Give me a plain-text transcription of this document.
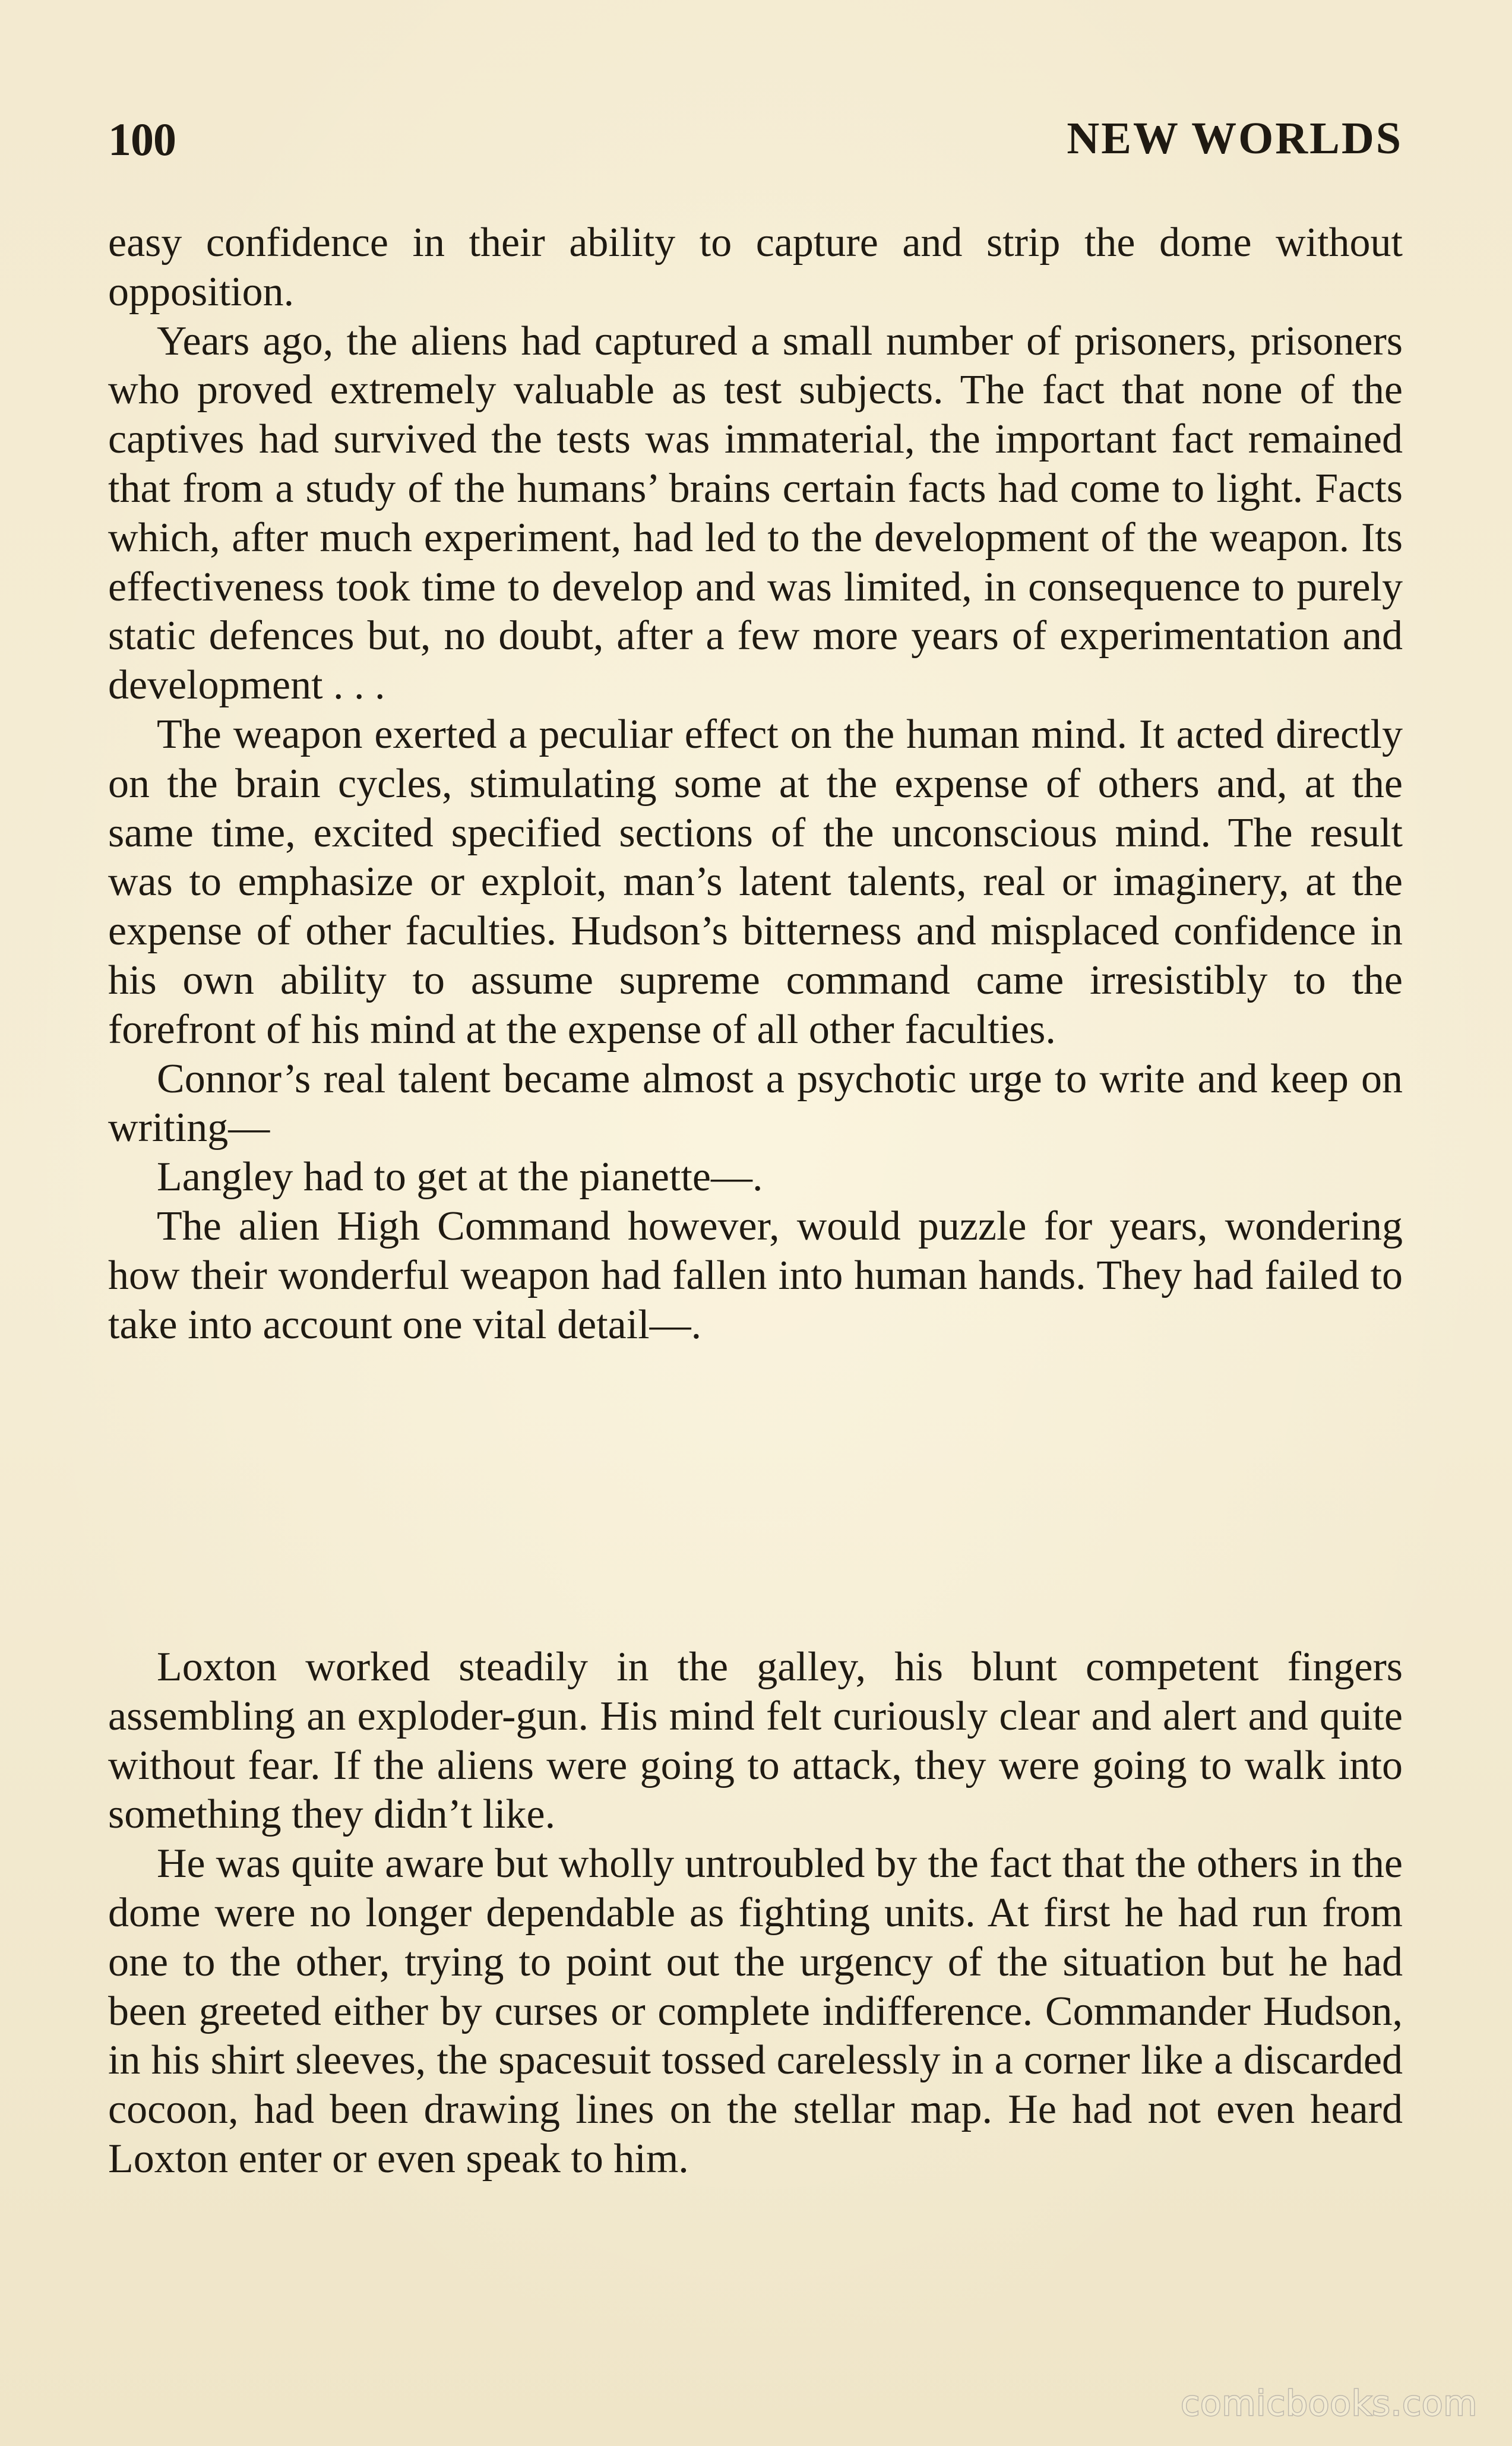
100	NEW WORLDS

easy confidence in their ability to capture and strip the dome without opposition.

Years ago, the aliens had captured a small number of prisoners, prisoners who proved extremely valuable as test subjects. The fact that none of the captives had survived the tests was immaterial, the important fact remained that from a study of the humans’ brains certain facts had come to light. Facts which, after much experiment, had led to the development of the weapon. Its effectiveness took time to develop and was limited, in consequence to purely static defences but, no doubt, after a few more years of experimentation and development . . .

The weapon exerted a peculiar effect on the human mind. It acted directly on the brain cycles, stimulating some at the expense of others and, at the same time, excited specified sections of the unconscious mind. The result was to emphasize or exploit, man’s latent talents, real or imaginery, at the expense of other faculties. Hudson’s bitterness and misplaced confidence in his own ability to assume supreme command came irresistibly to the forefront of his mind at the expense of all other faculties.

Connor’s real talent became almost a psychotic urge to write and keep on writing—

Langley had to get at the pianette—.

The alien High Command however, would puzzle for years, wondering how their wonderful weapon had fallen into human hands. They had failed to take into account one vital detail—.

Loxton worked steadily in the galley, his blunt competent fingers assembling an exploder-gun. His mind felt curiously clear and alert and quite without fear. If the aliens were going to attack, they were going to walk into something they didn’t like.

He was quite aware but wholly untroubled by the fact that the others in the dome were no longer dependable as fighting units. At first he had run from one to the other, trying to point out the urgency of the situation but he had been greeted either by curses or complete indifference. Commander Hudson, in his shirt sleeves, the spacesuit tossed carelessly in a corner like a discarded cocoon, had been drawing lines on the stellar map. He had not even heard Loxton enter or even speak to him.

comicbooks.com
